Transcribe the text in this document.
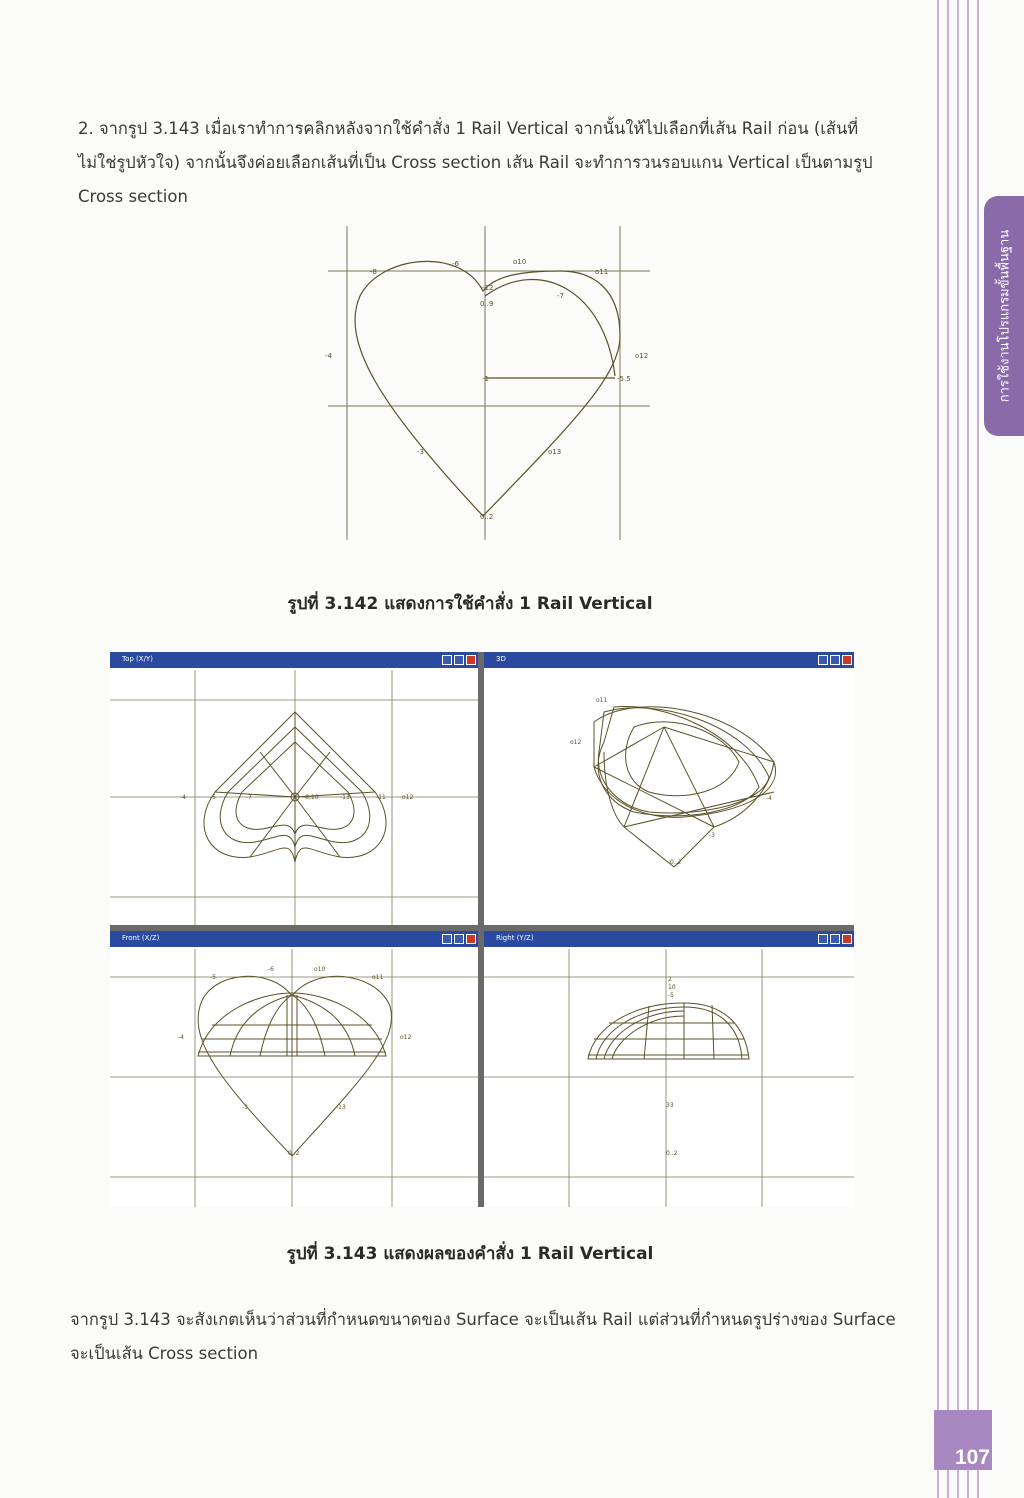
การใช้งานโปรแกรมขั้นพื้นฐาน

2. จากรูป 3.143 เมื่อเราทำการคลิกหลังจากใช้คำสั่ง 1 Rail Vertical จากนั้นให้ไปเลือกที่เส้น Rail ก่อน (เส้นที่ไม่ใช่รูปหัวใจ) จากนั้นจึงค่อยเลือกเส้นที่เป็น Cross section เส้น Rail จะทำการวนรอบแกน Vertical เป็นตามรูป Cross section

-8
-6	o10
o11
-12
0..9
-7
-4	o12
-1	-5.5
-3	o13
0..2
รูปที่ 3.142 แสดงการใช้คำสั่ง 1 Rail Vertical
Top (X/Y)
-4	-5	-7	-8,10	-13	-11	o12
3D
o11
o12
-4
-3
0..2
Front (X/Z)
-5
-6	o10
o11
-4	o12
-3	-13
0..2
Right (Y/Z)
2
10
-5
33
0..2
รูปที่ 3.143 แสดงผลของคำสั่ง 1 Rail Vertical

จากรูป 3.143 จะสังเกตเห็นว่าส่วนที่กำหนดขนาดของ Surface จะเป็นเส้น Rail แต่ส่วนที่กำหนดรูปร่างของ Surface จะเป็นเส้น Cross section

107
